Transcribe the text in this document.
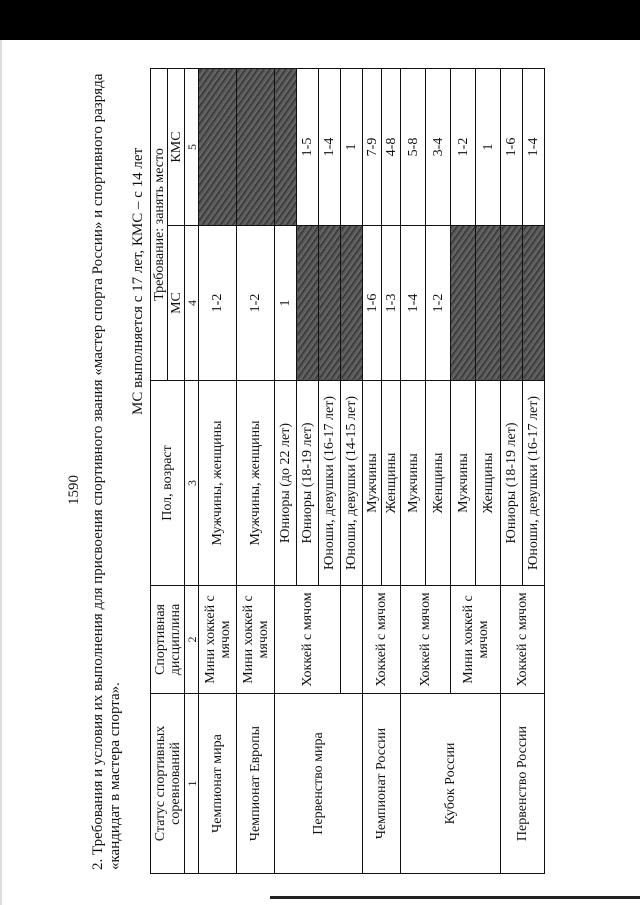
1590 2. Требования и условия их выполнения для присвоения спортивного звания «мастер спорта России» и спортивного разряда «кандидат в мастера спорта».
МС выполняется с 17 лет, КМС – с 14 лет
Статус спортивных соревнований	Спортивная дисциплина	Пол, возраст	Требование: занять место	
			МС	КМС
1	2	3	4	5
Чемпионат мира	Мини хоккей с мячом	Мужчины, женщины	1-2	
Чемпионат Европы	Мини хоккей с мячом	Мужчины, женщины	1-2	
Первенство мира	Хоккей с мячом	Юниоры (до 22 лет)	1	
		Юниоры (18-19 лет)		1-5
		Юноши, девушки (16-17 лет)		1-4
		Юноши, девушки (14-15 лет)		1
Чемпионат России	Хоккей с мячом	Мужчины	1-6	7-9
		Женщины	1-3	4-8
Кубок России	Хоккей с мячом	Мужчины	1-4	5-8
		Женщины	1-2	3-4
	Мини хоккей с мячом	Мужчины		1-2
		Женщины		1
Первенство России	Хоккей с мячом	Юниоры (18-19 лет)		1-6
		Юноши, девушки (16-17 лет)		1-4
